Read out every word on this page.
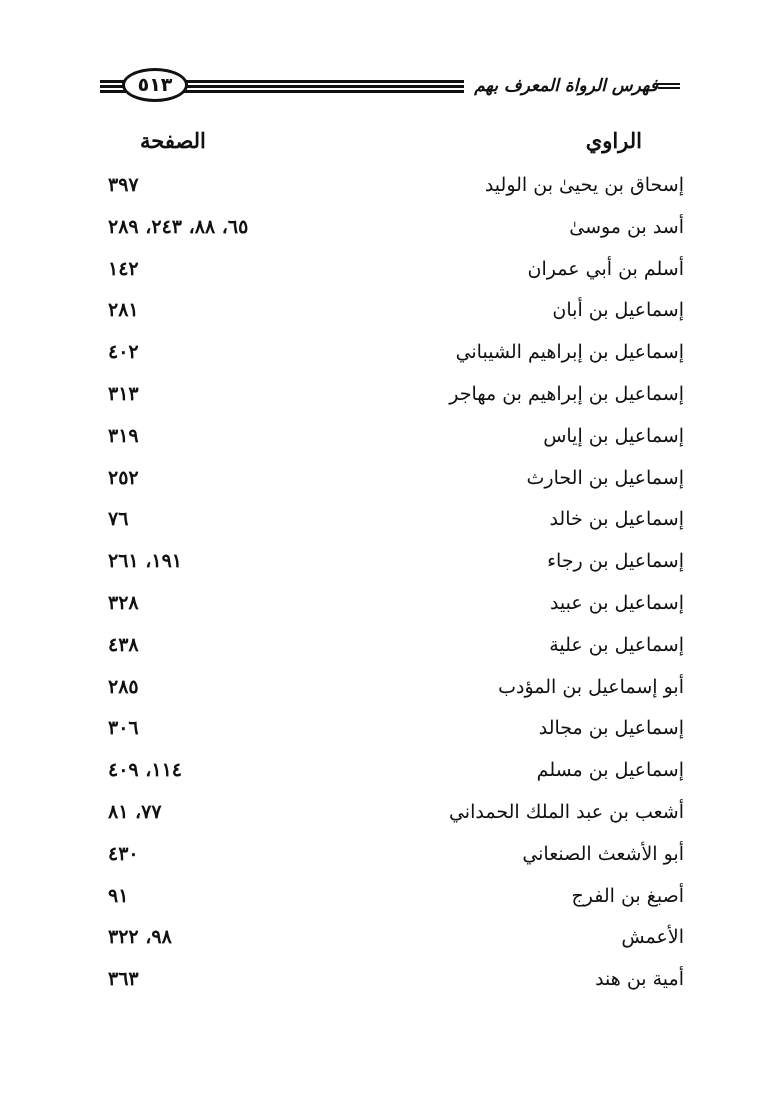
فهرس الرواة المعرف بهم
٥١٣
الراوي
الصفحة
إسحاق بن يحيىٰ بن الوليد
٣٩٧
أسد بن موسىٰ
٦٥، ٨٨، ٢٤٣، ٢٨٩
أسلم بن أبي عمران
١٤٢
إسماعيل بن أبان
٢٨١
إسماعيل بن إبراهيم الشيباني
٤٠٢
إسماعيل بن إبراهيم بن مهاجر
٣١٣
إسماعيل بن إياس
٣١٩
إسماعيل بن الحارث
٢٥٢
إسماعيل بن خالد
٧٦
إسماعيل بن رجاء
١٩١، ٢٦١
إسماعيل بن عبيد
٣٢٨
إسماعيل بن علية
٤٣٨
أبو إسماعيل بن المؤدب
٢٨٥
إسماعيل بن مجالد
٣٠٦
إسماعيل بن مسلم
١١٤، ٤٠٩
أشعب بن عبد الملك الحمداني
٧٧، ٨١
أبو الأشعث الصنعاني
٤٣٠
أصبغ بن الفرج
٩١
الأعمش
٩٨، ٣٢٢
أمية بن هند
٣٦٣
